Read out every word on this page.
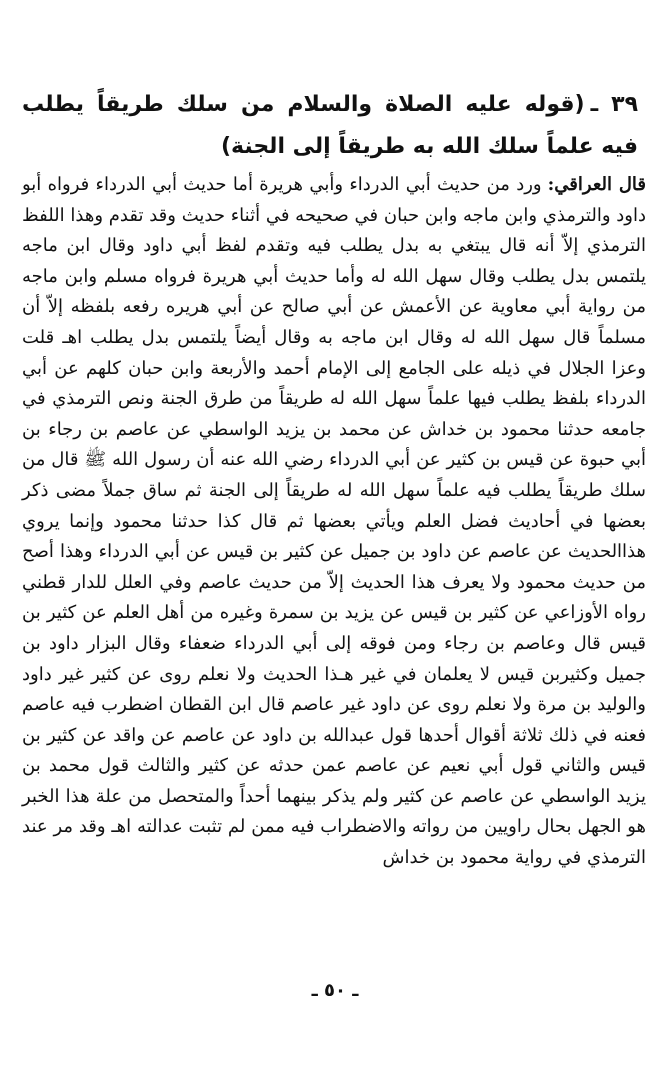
٣٩ ـ(قوله عليه الصلاة والسلام من سلك طريقاً يطلب فيه علماً سلك الله به طريقاً إلى الجنة)

قال العراقي:ورد من حديث أبي الدرداء وأبي هريرة أما حديث أبي الدرداء فرواه أبو داود والترمذي وابن ماجه وابن حبان في صحيحه في أثناء حديث وقد تقدم وهذا اللفظ الترمذي إلاّ أنه قال يبتغي به بدل يطلب فيه وتقدم لفظ أبي داود وقال ابن ماجه يلتمس بدل يطلب وقال سهل الله له وأما حديث أبي هريرة فرواه مسلم وابن ماجه من رواية أبي معاوية عن الأعمش عن أبي صالح عن أبي هريره رفعه بلفظه إلاّ أن مسلماً قال سهل الله له وقال ابن ماجه به وقال أيضاً يلتمس بدل يطلب اهـ قلت وعزا الجلال في ذيله على الجامع إلى الإمام أحمد والأربعة وابن حبان كلهم عن أبي الدرداء بلفظ يطلب فيها علماً سهل الله له طريقاً من طرق الجنة ونص الترمذي في جامعه حدثنا محمود بن خداش عن محمد بن يزيد الواسطي عن عاصم بن رجاء بن أبي حبوة عن قيس بن كثير عن أبي الدرداء رضي الله عنه أن رسول الله ﷺ قال من سلك طريقاً يطلب فيه علماً سهل الله له طريقاً إلى الجنة ثم ساق جملاً مضى ذكر بعضها في أحاديث فضل العلم ويأتي بعضها ثم قال كذا حدثنا محمود وإنما يروي هذاالحديث عن عاصم عن داود بن جميل عن كثير بن قيس عن أبي الدرداء وهذا أصح من حديث محمود ولا يعرف هذا الحديث إلاّ من حديث عاصم وفي العلل للدار قطني رواه الأوزاعي عن كثير بن قيس عن يزيد بن سمرة وغيره من أهل العلم عن كثير بن قيس قال وعاصم بن رجاء ومن فوقه إلى أبي الدرداء ضعفاء وقال البزار داود بن جميل وكثيربن قيس لا يعلمان في غير هـذا الحديث ولا نعلم روى عن كثير غير داود والوليد بن مرة ولا نعلم روى عن داود غير عاصم قال ابن القطان اضطرب فيه عاصم فعنه في ذلك ثلاثة أقوال أحدها قول عبدالله بن داود عن عاصم عن واقد عن كثير بن قيس والثاني قول أبي نعيم عن عاصم عمن حدثه عن كثير والثالث قول محمد بن يزيد الواسطي عن عاصم عن كثير ولم يذكر بينهما أحداً والمتحصل من علة هذا الخبر هو الجهل بحال راويين من رواته والاضطراب فيه ممن لم تثبت عدالته اهـ وقد مر عند الترمذي في رواية محمود بن خداش

ـ ٥٠ ـ
